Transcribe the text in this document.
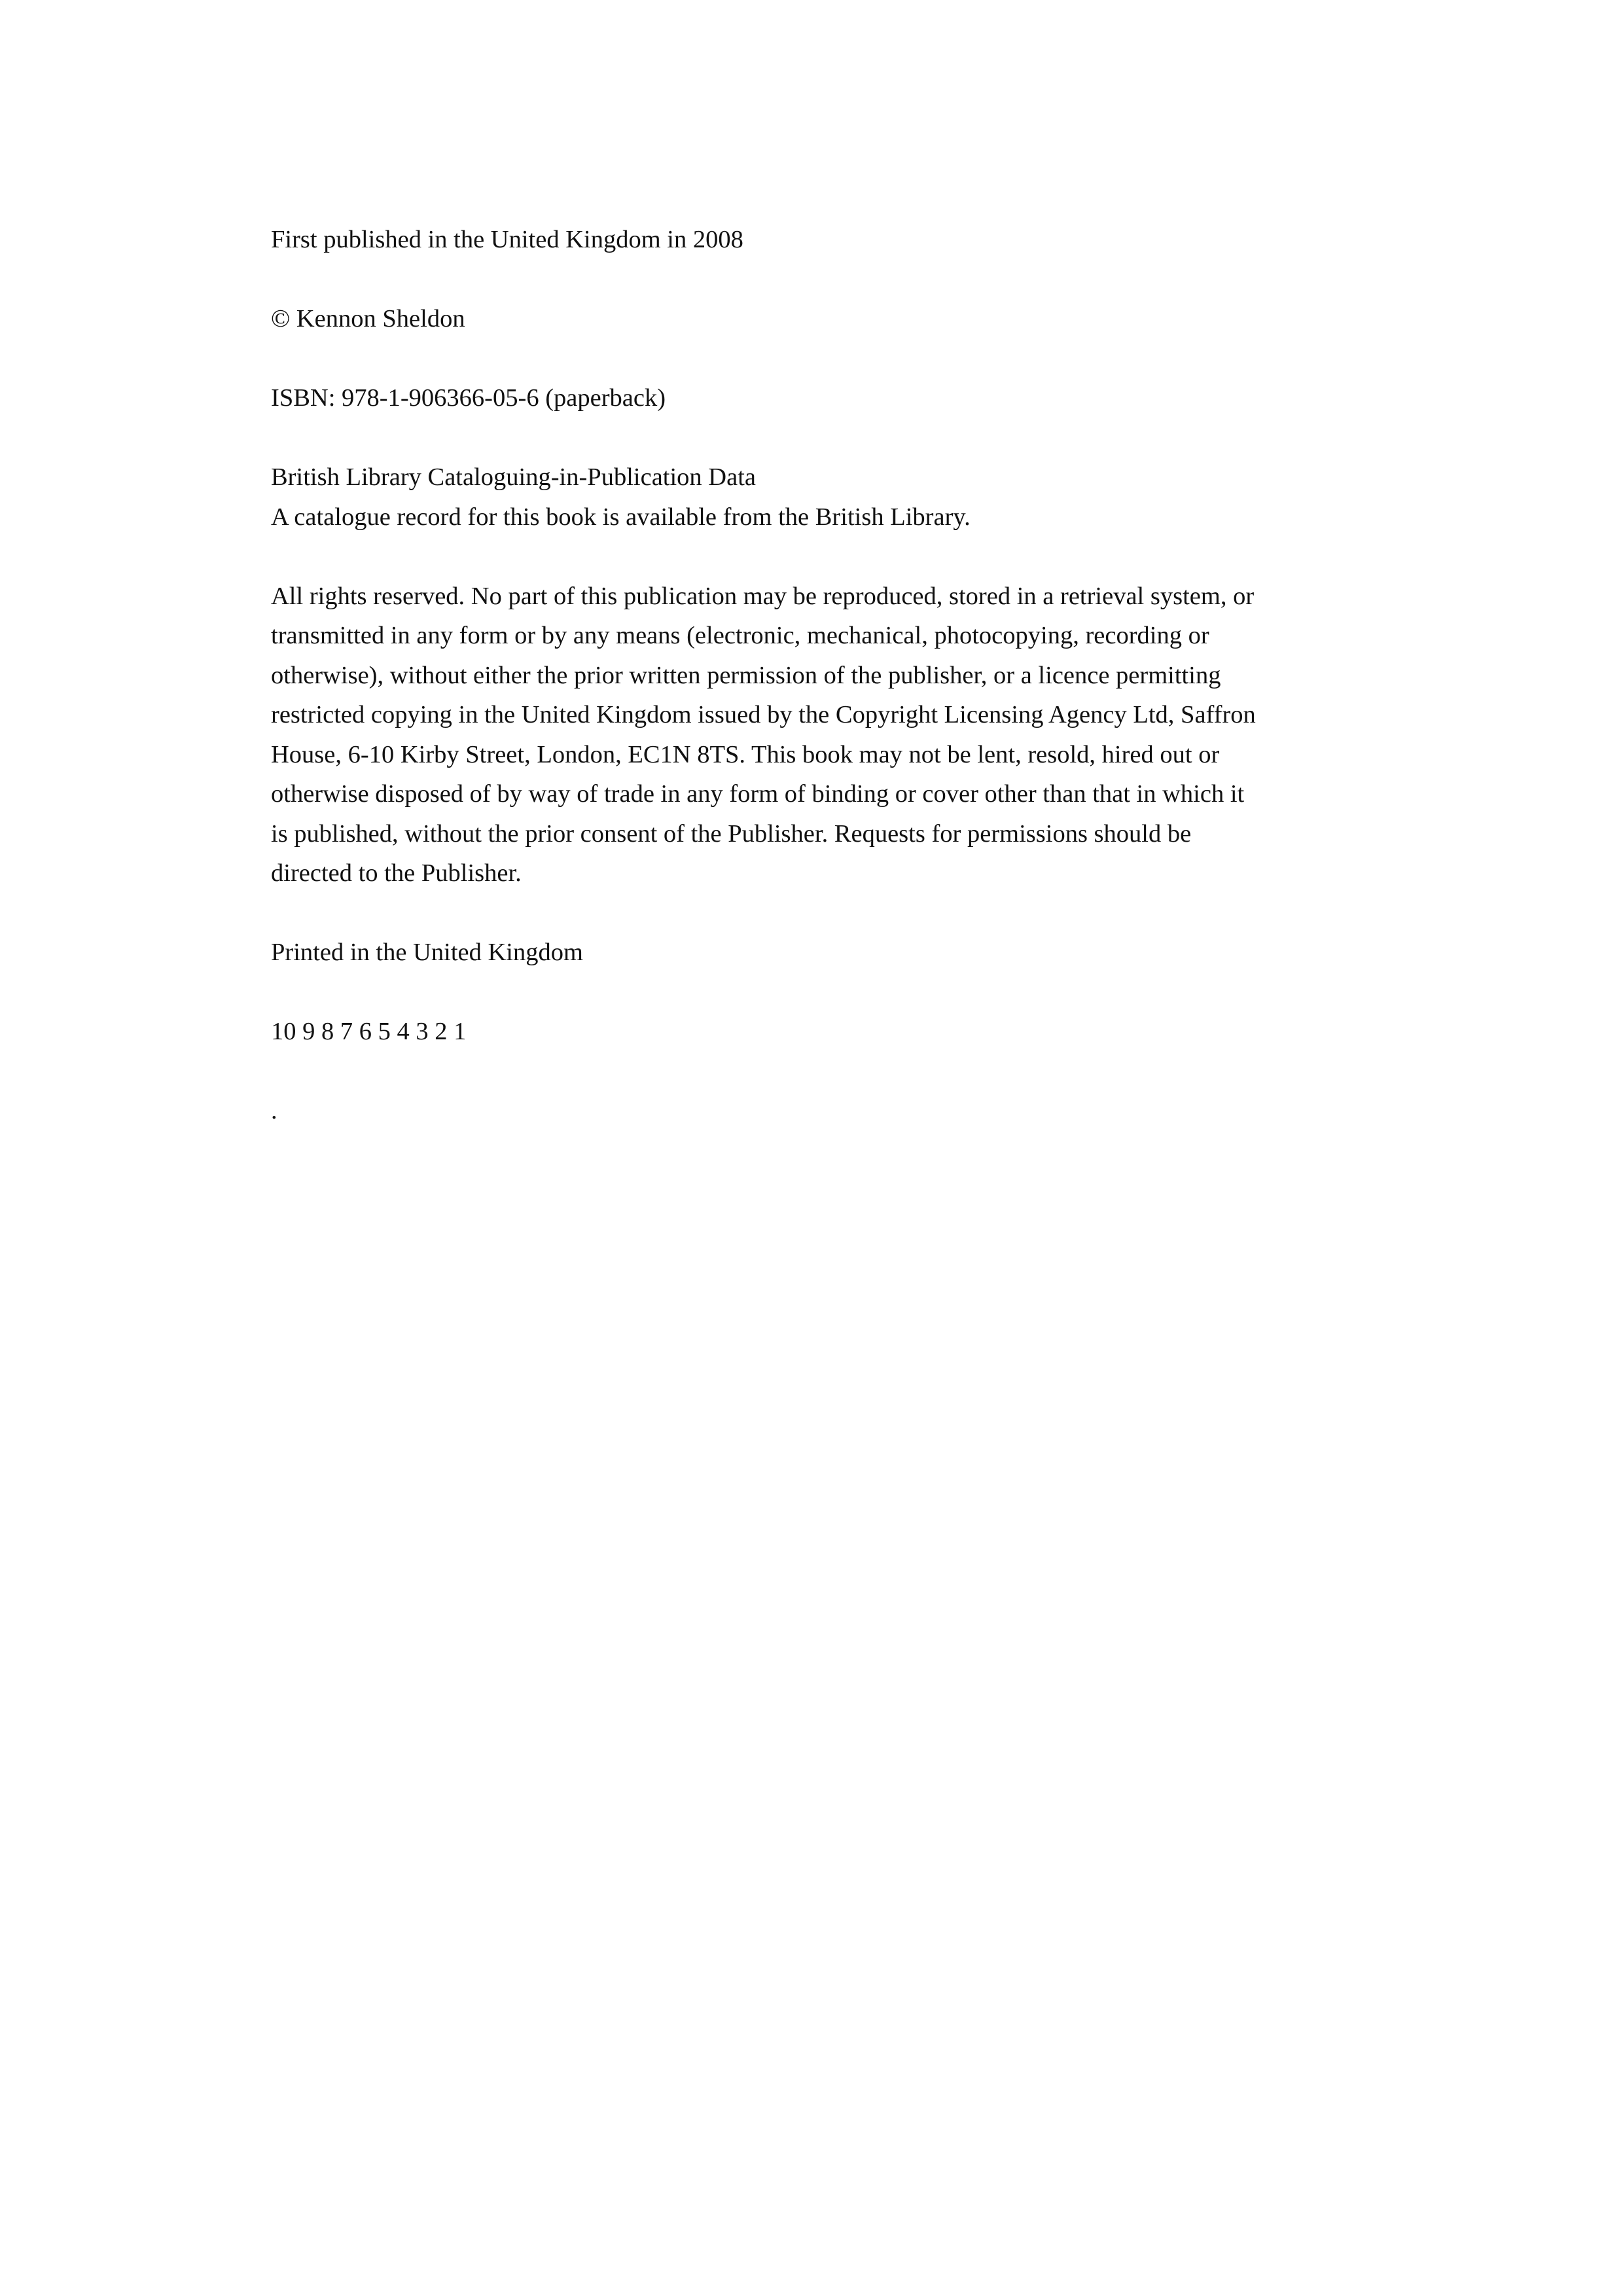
First published in the United Kingdom in 2008
© Kennon Sheldon
ISBN: 978-1-906366-05-6 (paperback)
British Library Cataloguing-in-Publication Data
A catalogue record for this book is available from the British Library.
All rights reserved. No part of this publication may be reproduced, stored in a retrieval system, or
transmitted in any form or by any means (electronic, mechanical, photocopying, recording or
otherwise), without either the prior written permission of the publisher, or a licence permitting
restricted copying in the United Kingdom issued by the Copyright Licensing Agency Ltd, Saffron
House, 6-10 Kirby Street, London, EC1N 8TS. This book may not be lent, resold, hired out or
otherwise disposed of by way of trade in any form of binding or cover other than that in which it
is published, without the prior consent of the Publisher. Requests for permissions should be
directed to the Publisher.
Printed in the United Kingdom
10 9 8 7 6 5 4 3 2 1
.
